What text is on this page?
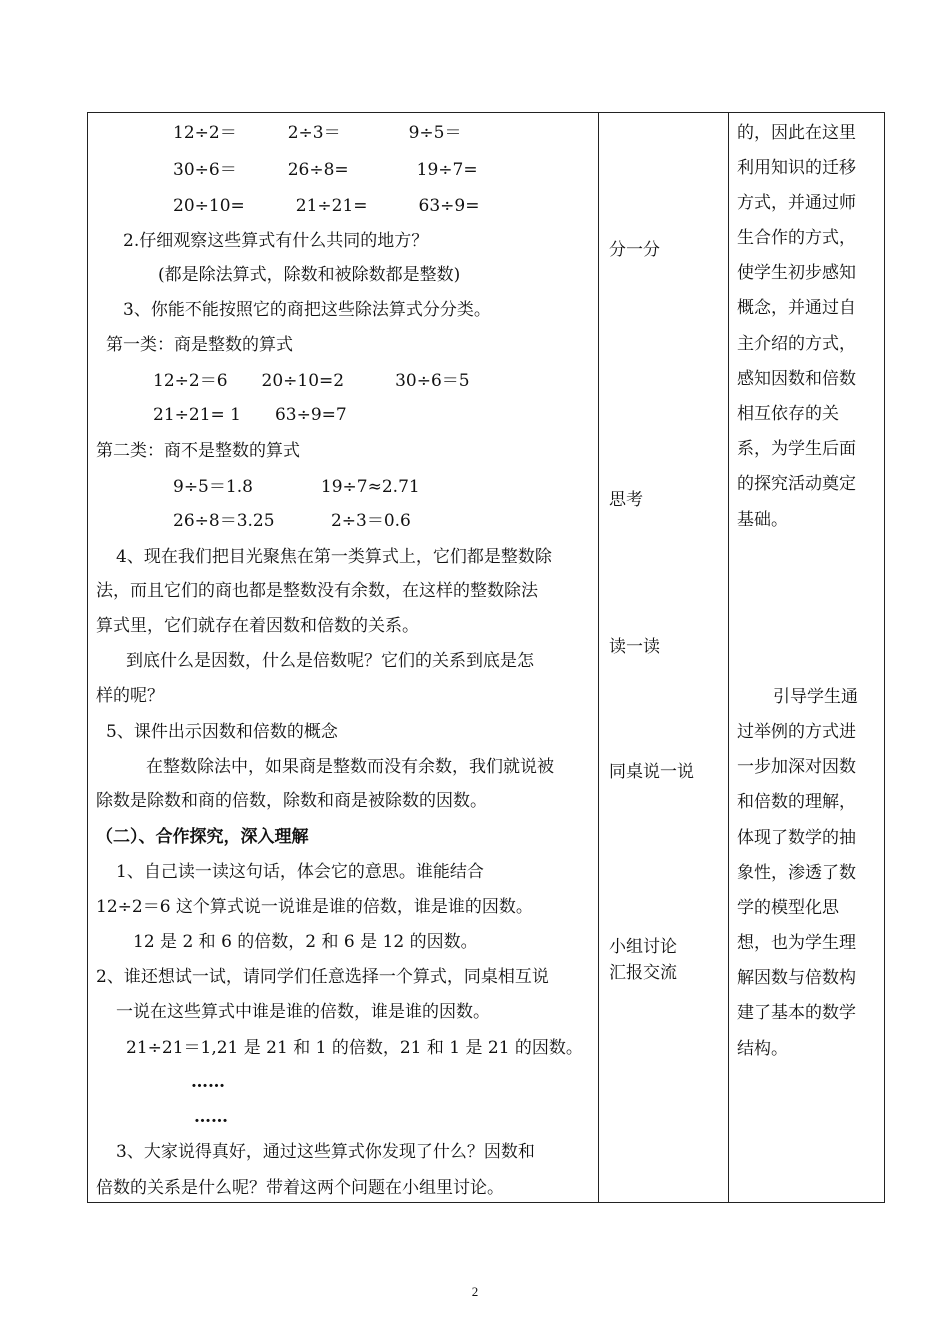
12÷2＝　　　2÷3＝　　　　9÷5＝
30÷6＝　　　26÷8=　　　　19÷7=
20÷10=　　　21÷21=　　　63÷9=
2.仔细观察这些算式有什么共同的地方？
(都是除法算式，除数和被除数都是整数)
3、你能不能按照它的商把这些除法算式分分类。
第一类：商是整数的算式
12÷2＝6　　20÷10=2　　　30÷6＝5
21÷21= 1　　63÷9=7
第二类：商不是整数的算式
9÷5＝1.8　　　　19÷7≈2.71
26÷8＝3.25　　　 2÷3＝0.6
4、现在我们把目光聚焦在第一类算式上，它们都是整数除
法，而且它们的商也都是整数没有余数，在这样的整数除法
算式里，它们就存在着因数和倍数的关系。
到底什么是因数，什么是倍数呢？它们的关系到底是怎
样的呢？
5、课件出示因数和倍数的概念
在整数除法中，如果商是整数而没有余数，我们就说被
除数是除数和商的倍数，除数和商是被除数的因数。
（二）、合作探究，深入理解
1、自己读一读这句话，体会它的意思。谁能结合
12÷2＝6 这个算式说一说谁是谁的倍数，谁是谁的因数。
12 是 2 和 6 的倍数，2 和 6 是 12 的因数。
2、谁还想试一试，请同学们任意选择一个算式，同桌相互说
一说在这些算式中谁是谁的倍数，谁是谁的因数。
21÷21＝1,21 是 21 和 1 的倍数，21 和 1 是 21 的因数。
……
……
3、大家说得真好，通过这些算式你发现了什么？因数和
倍数的关系是什么呢？带着这两个问题在小组里讨论。
分一分
思考
读一读
同桌说一说
小组讨论
汇报交流
的，因此在这里
利用知识的迁移
方式，并通过师
生合作的方式，
使学生初步感知
概念，并通过自
主介绍的方式，
感知因数和倍数
相互依存的关
系，为学生后面
的探究活动奠定
基础。
引导学生通
过举例的方式进
一步加深对因数
和倍数的理解，
体现了数学的抽
象性，渗透了数
学的模型化思
想，也为学生理
解因数与倍数构
建了基本的数学
结构。
2
